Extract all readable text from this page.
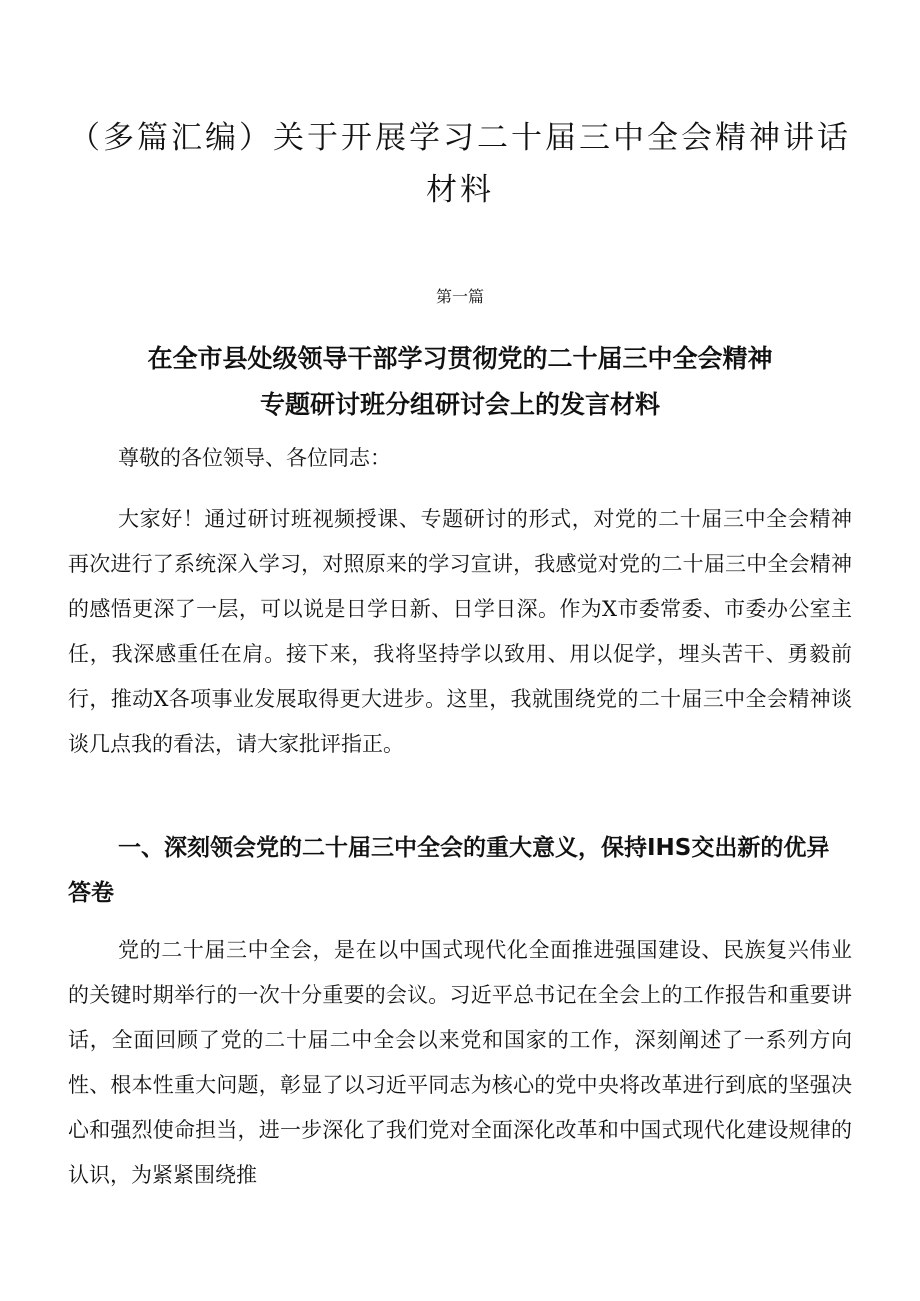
（多篇汇编）关于开展学习二十届三中全会精神讲话材料

第一篇

在全市县处级领导干部学习贯彻党的二十届三中全会精神
专题研讨班分组研讨会上的发言材料

尊敬的各位领导、各位同志：

大家好！通过研讨班视频授课、专题研讨的形式，对党的二十届三中全会精神再次进行了系统深入学习，对照原来的学习宣讲，我感觉对党的二十届三中全会精神的感悟更深了一层，可以说是日学日新、日学日深。作为X市委常委、市委办公室主任，我深感重任在肩。接下来，我将坚持学以致用、用以促学，埋头苦干、勇毅前行，推动X各项事业发展取得更大进步。这里，我就围绕党的二十届三中全会精神谈谈几点我的看法，请大家批评指正。

一、深刻领会党的二十届三中全会的重大意义，保持IHS交出新的优异答卷

党的二十届三中全会，是在以中国式现代化全面推进强国建设、民族复兴伟业的关键时期举行的一次十分重要的会议。习近平总书记在全会上的工作报告和重要讲话，全面回顾了党的二十届二中全会以来党和国家的工作，深刻阐述了一系列方向性、根本性重大问题，彰显了以习近平同志为核心的党中央将改革进行到底的坚强决心和强烈使命担当，进一步深化了我们党对全面深化改革和中国式现代化建设规律的认识，为紧紧围绕推
